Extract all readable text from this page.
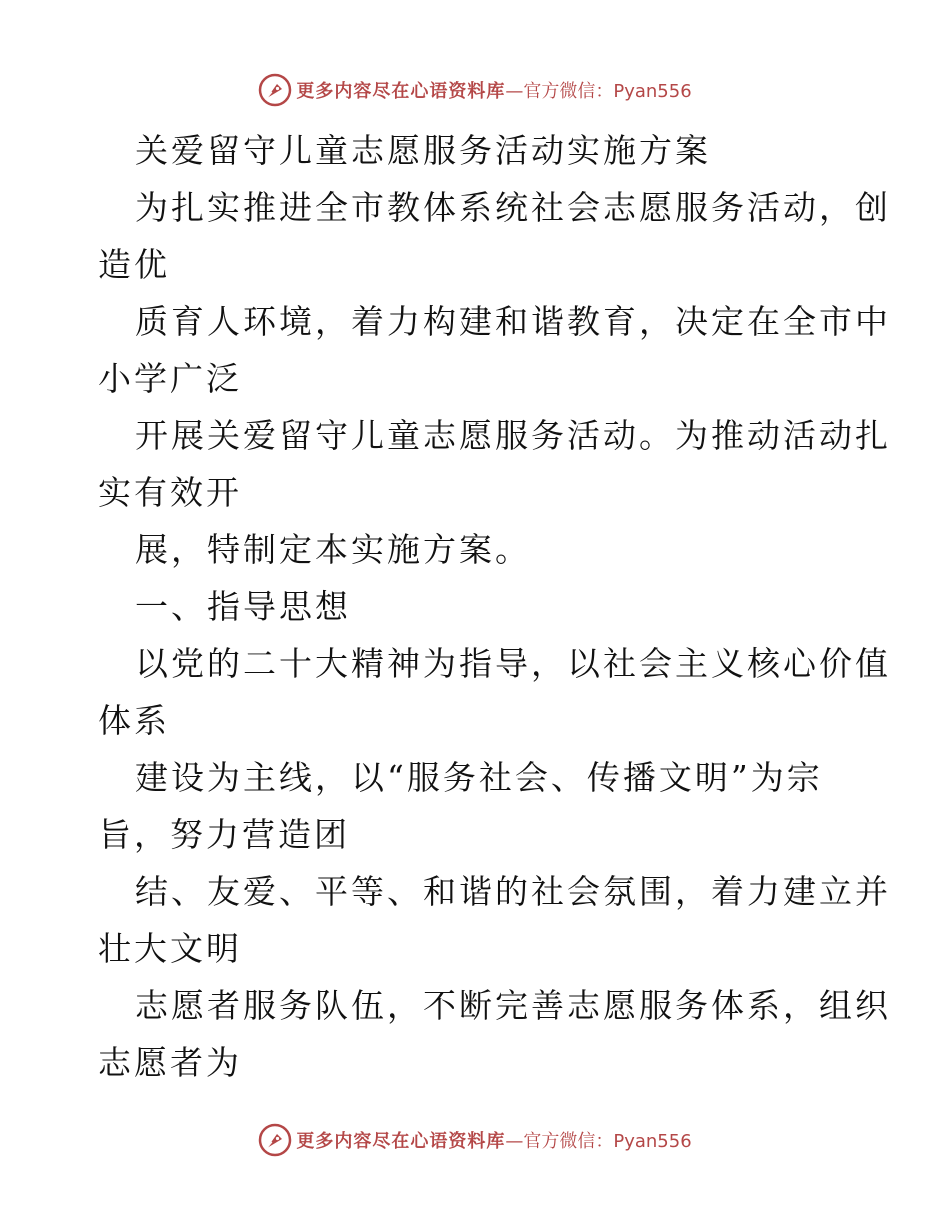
更多内容尽在心语资料库 —官方微信：Pyan556

关爱留守儿童志愿服务活动实施方案

为扎实推进全市教体系统社会志愿服务活动，创

造优

质育人环境，着力构建和谐教育，决定在全市中

小学广泛

开展关爱留守儿童志愿服务活动。为推动活动扎

实有效开

展，特制定本实施方案。

一、指导思想

以党的二十大精神为指导，以社会主义核心价值

体系

建设为主线，以“服务社会、传播文明”为宗

旨，努力营造团

结、友爱、平等、和谐的社会氛围，着力建立并

壮大文明

志愿者服务队伍，不断完善志愿服务体系，组织

志愿者为

更多内容尽在心语资料库 —官方微信：Pyan556
